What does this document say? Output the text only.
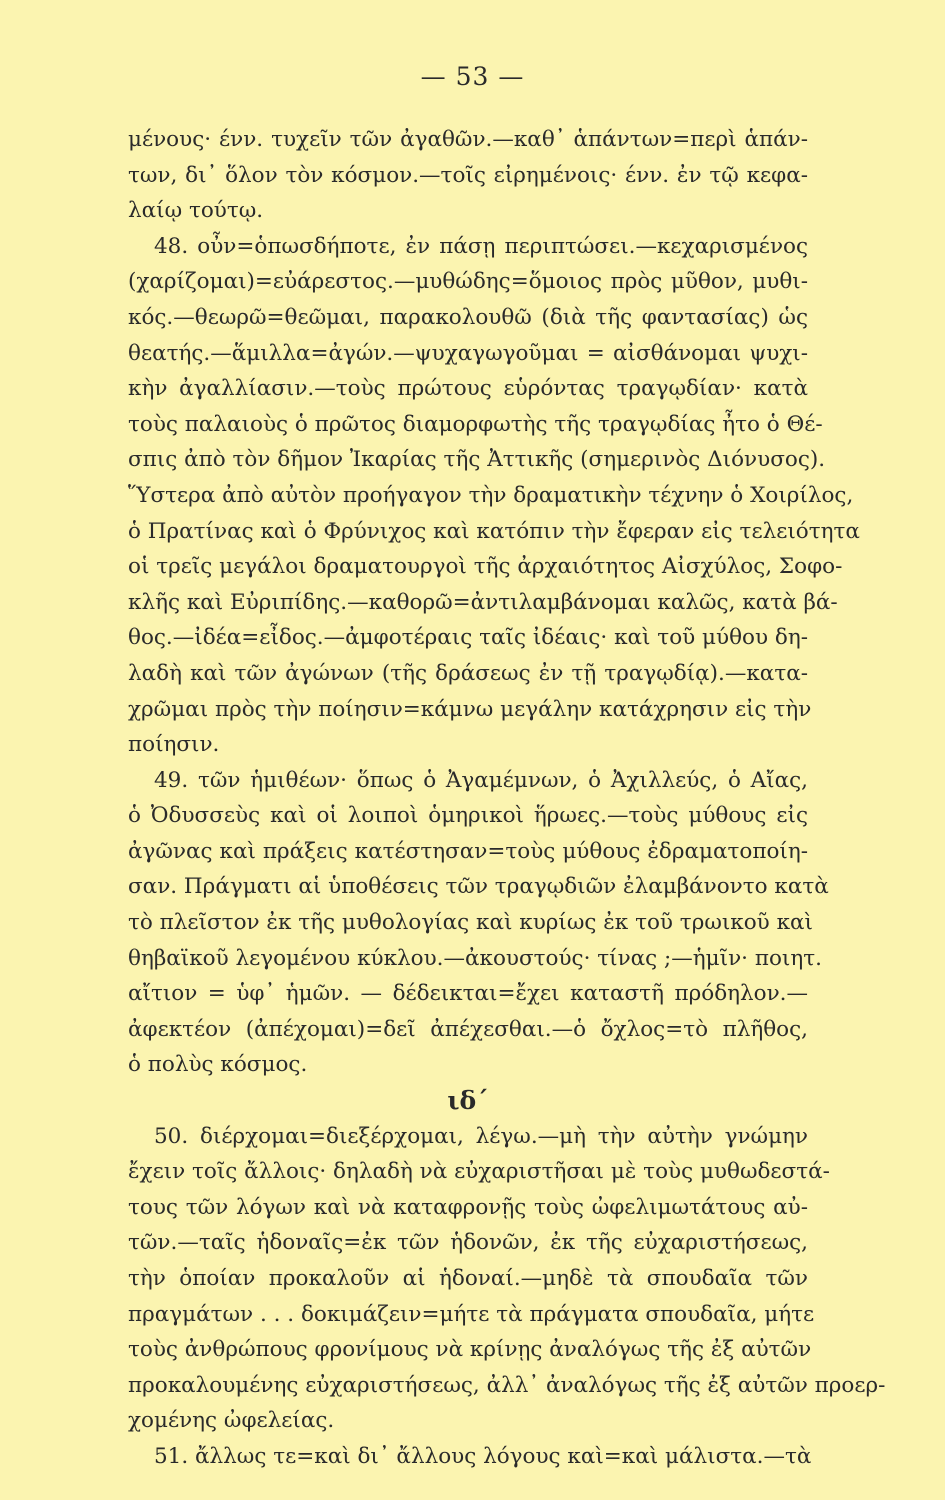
— 53 —
μένους· ένν. τυχεῖν τῶν ἀγαθῶν.—καθ᾿ ἁπάντων=περὶ ἁπάν-
των, δι᾿ ὅλον τὸν κόσμον.—τοῖς εἰρημένοις· ένν. ἐν τῷ κεφα-
λαίῳ τούτῳ.
48. οὖν=ὁπωσδήποτε, ἐν πάσῃ περιπτώσει.—κεχαρισμένος
(χαρίζομαι)=εὐάρεστος.—μυθώδης=ὅμοιος πρὸς μῦθον, μυθι-
κός.—θεωρῶ=θεῶμαι, παρακολουθῶ (διὰ τῆς φαντασίας) ὡς
θεατής.—ἅμιλλα=ἀγών.—ψυχαγωγοῦμαι = αἰσθάνομαι ψυχι-
κὴν ἀγαλλίασιν.—τοὺς πρώτους εὑρόντας τραγῳδίαν· κατὰ
τοὺς παλαιοὺς ὁ πρῶτος διαμορφωτὴς τῆς τραγῳδίας ἦτο ὁ Θέ-
σπις ἀπὸ τὸν δῆμον Ἰκαρίας τῆς Ἀττικῆς (σημερινὸς Διόνυσος).
Ὕστερα ἀπὸ αὐτὸν προήγαγον τὴν δραματικὴν τέχνην ὁ Χοιρίλος,
ὁ Πρατίνας καὶ ὁ Φρύνιχος καὶ κατόπιν τὴν ἔφεραν εἰς τελειότητα
οἱ τρεῖς μεγάλοι δραματουργοὶ τῆς ἀρχαιότητος Αἰσχύλος, Σοφο-
κλῆς καὶ Εὐριπίδης.—καθορῶ=ἀντιλαμβάνομαι καλῶς, κατὰ βά-
θος.—ἰδέα=εἶδος.—ἀμφοτέραις ταῖς ἰδέαις· καὶ τοῦ μύθου δη-
λαδὴ καὶ τῶν ἀγώνων (τῆς δράσεως ἐν τῇ τραγῳδίᾳ).—κατα-
χρῶμαι πρὸς τὴν ποίησιν=κάμνω μεγάλην κατάχρησιν εἰς τὴν
ποίησιν.
49. τῶν ἡμιθέων· ὅπως ὁ Ἀγαμέμνων, ὁ Ἀχιλλεύς, ὁ Αἴας,
ὁ Ὀδυσσεὺς καὶ οἱ λοιποὶ ὁμηρικοὶ ἥρωες.—τοὺς μύθους εἰς
ἀγῶνας καὶ πράξεις κατέστησαν=τοὺς μύθους ἐδραματοποίη-
σαν. Πράγματι αἱ ὑποθέσεις τῶν τραγῳδιῶν ἐλαμβάνοντο κατὰ
τὸ πλεῖστον ἐκ τῆς μυθολογίας καὶ κυρίως ἐκ τοῦ τρωικοῦ καὶ
θηβαϊκοῦ λεγομένου κύκλου.—ἀκουστούς· τίνας ;—ἡμῖν· ποιητ.
αἴτιον = ὑφ᾿ ἡμῶν. — δέδεικται=ἔχει καταστῆ πρόδηλον.—
ἀφεκτέον (ἀπέχομαι)=δεῖ ἀπέχεσθαι.—ὁ ὄχλος=τὸ πλῆθος,
ὁ πολὺς κόσμος.
ιδ΄
50. διέρχομαι=διεξέρχομαι, λέγω.—μὴ τὴν αὐτὴν γνώμην
ἔχειν τοῖς ἄλλοις· δηλαδὴ νὰ εὐχαριστῆσαι μὲ τοὺς μυθωδεστά-
τους τῶν λόγων καὶ νὰ καταφρονῇς τοὺς ὠφελιμωτάτους αὐ-
τῶν.—ταῖς ἡδοναῖς=ἐκ τῶν ἡδονῶν, ἐκ τῆς εὐχαριστήσεως,
τὴν ὁποίαν προκαλοῦν αἱ ἡδοναί.—μηδὲ τὰ σπουδαῖα τῶν
πραγμάτων . . . δοκιμάζειν=μήτε τὰ πράγματα σπουδαῖα, μήτε
τοὺς ἀνθρώπους φρονίμους νὰ κρίνῃς ἀναλόγως τῆς ἐξ αὐτῶν
προκαλουμένης εὐχαριστήσεως, ἀλλ᾿ ἀναλόγως τῆς ἐξ αὐτῶν προερ-
χομένης ὠφελείας.
51. ἄλλως τε=καὶ δι᾿ ἄλλους λόγους καὶ=καὶ μάλιστα.—τὰ
